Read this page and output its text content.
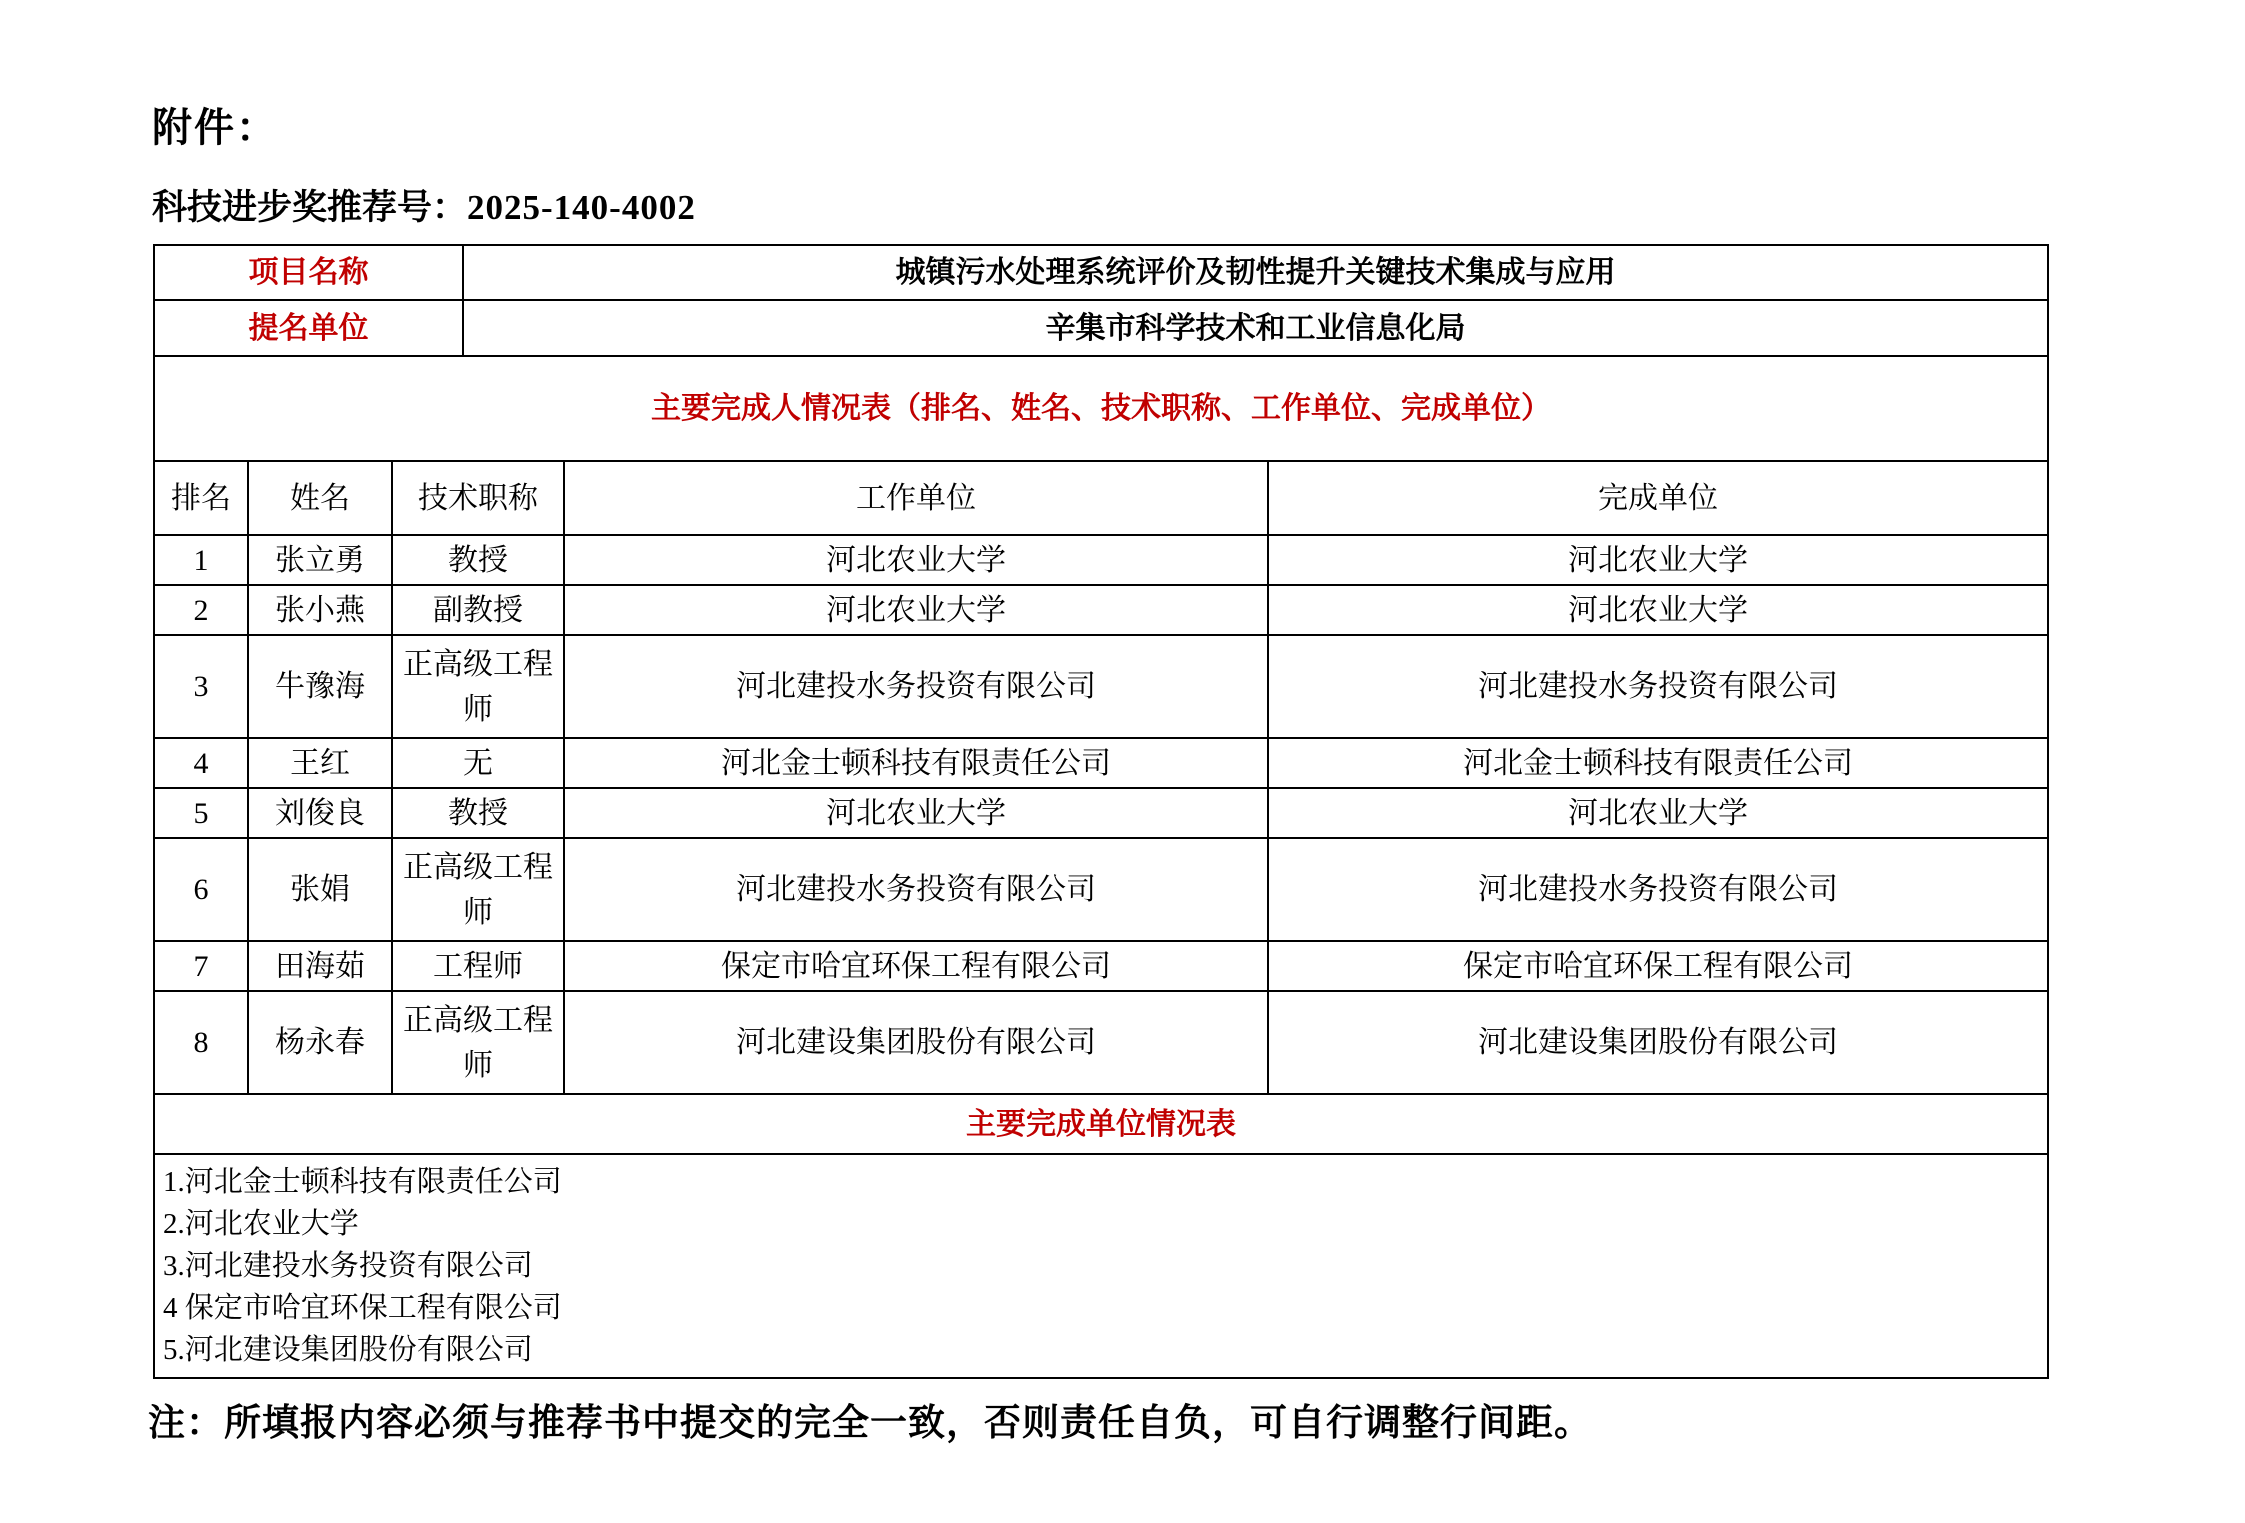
附件：
科技进步奖推荐号：2025-140-4002
项目名称	城镇污水处理系统评价及韧性提升关键技术集成与应用
提名单位	辛集市科学技术和工业信息化局
主要完成人情况表（排名、姓名、技术职称、工作单位、完成单位）				
排名	姓名	技术职称	工作单位	完成单位
1	张立勇	教授	河北农业大学	河北农业大学
2	张小燕	副教授	河北农业大学	河北农业大学
3	牛豫海	正高级工程师	河北建投水务投资有限公司	河北建投水务投资有限公司
4	王红	无	河北金士顿科技有限责任公司	河北金士顿科技有限责任公司
5	刘俊良	教授	河北农业大学	河北农业大学
6	张娟	正高级工程师	河北建投水务投资有限公司	河北建投水务投资有限公司
7	田海茹	工程师	保定市哈宜环保工程有限公司	保定市哈宜环保工程有限公司
8	杨永春	正高级工程师	河北建设集团股份有限公司	河北建设集团股份有限公司
主要完成单位情况表				

1.河北金士顿科技有限责任公司
2.河北农业大学
3.河北建投水务投资有限公司
4 保定市哈宜环保工程有限公司
5.河北建设集团股份有限公司				
注：所填报内容必须与推荐书中提交的完全一致，否则责任自负，可自行调整行间距。
